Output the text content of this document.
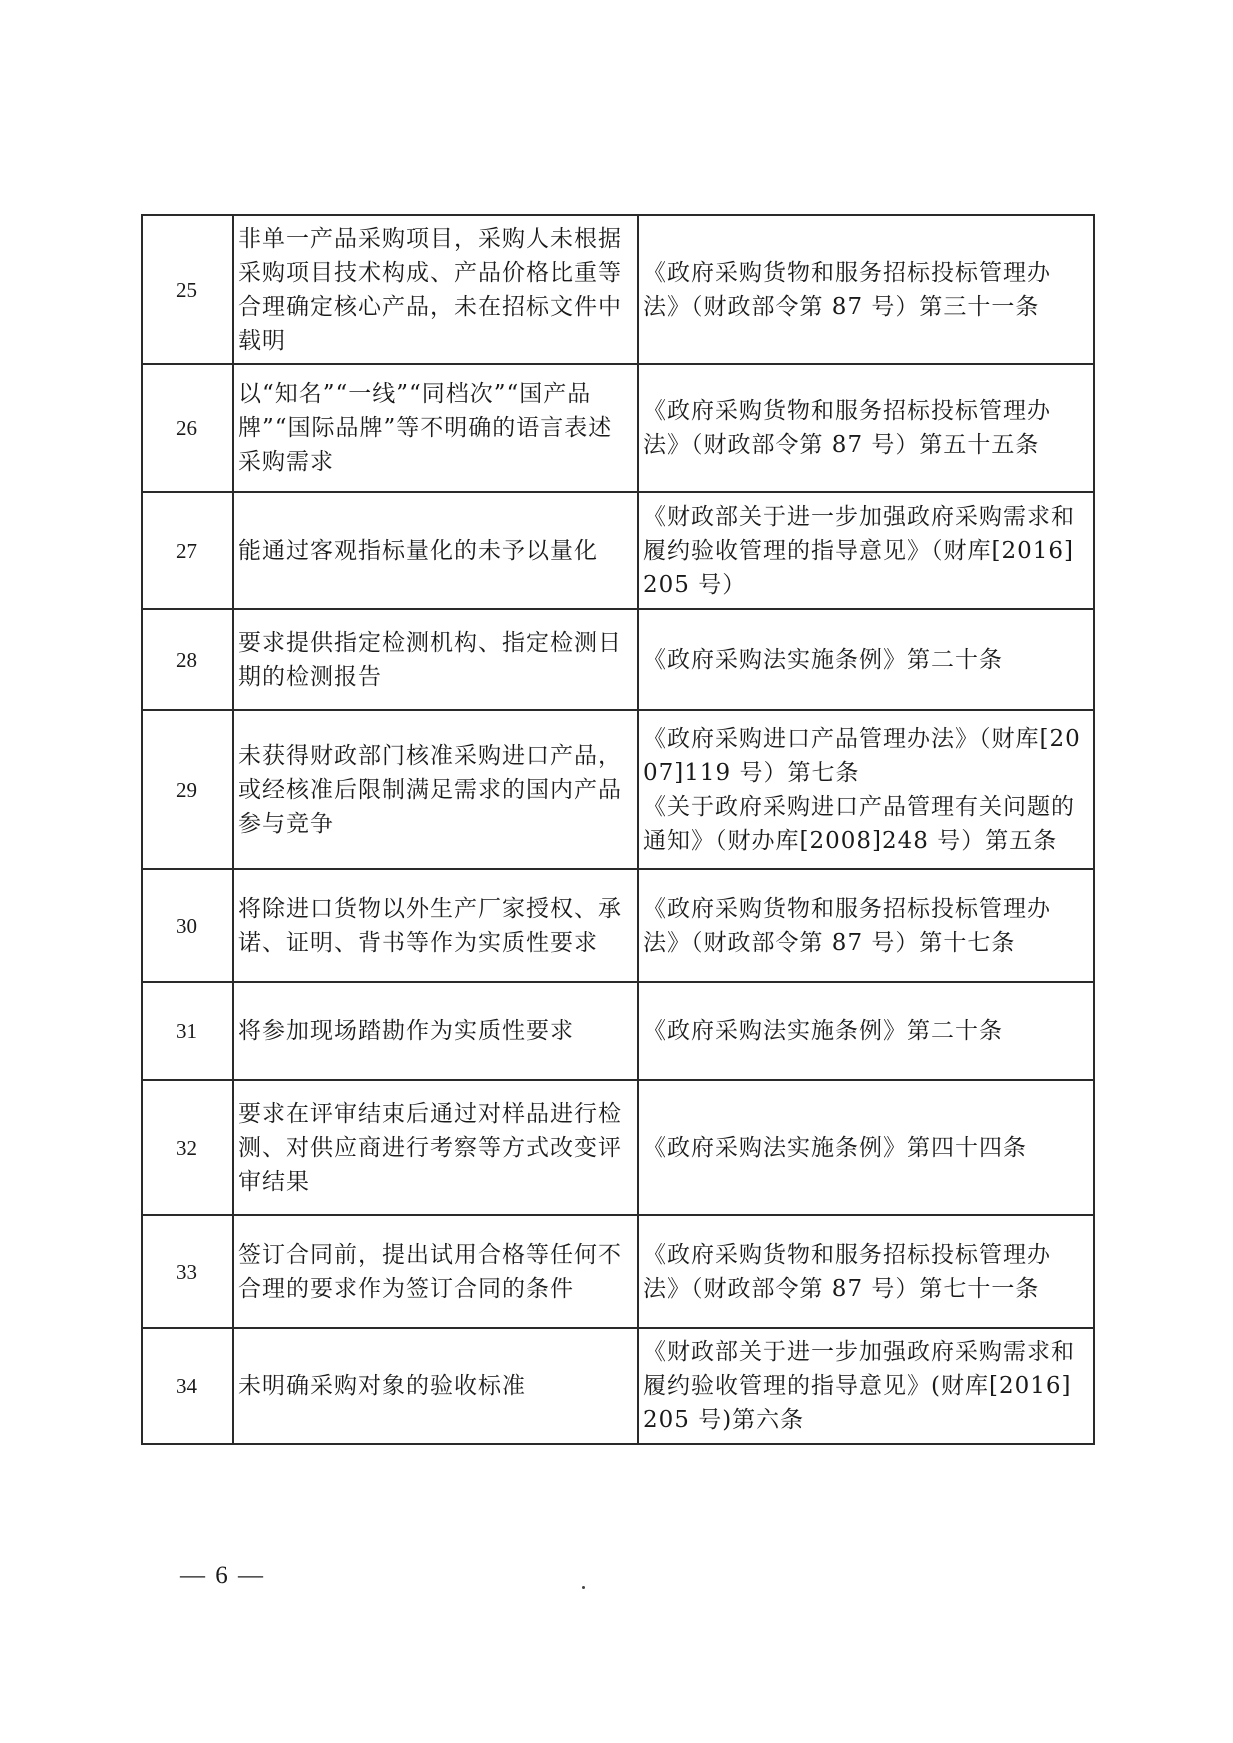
25	非单一产品采购项目，采购人未根据采购项目技术构成、产品价格比重等合理确定核心产品，未在招标文件中载明	《政府采购货物和服务招标投标管理办法》（财政部令第 87 号）第三十一条

26	以“知名”“一线”“同档次”“国产品牌”“国际品牌”等不明确的语言表述采购需求	《政府采购货物和服务招标投标管理办法》（财政部令第 87 号）第五十五条

27	能通过客观指标量化的未予以量化	《财政部关于进一步加强政府采购需求和履约验收管理的指导意见》（财库[2016]205 号）

28	要求提供指定检测机构、指定检测日期的检测报告	《政府采购法实施条例》第二十条

29	未获得财政部门核准采购进口产品，或经核准后限制满足需求的国内产品参与竞争	《政府采购进口产品管理办法》（财库[2007]119 号）第七条
《关于政府采购进口产品管理有关问题的通知》（财办库[2008]248 号）第五条

30	将除进口货物以外生产厂家授权、承诺、证明、背书等作为实质性要求	《政府采购货物和服务招标投标管理办法》（财政部令第 87 号）第十七条

31	将参加现场踏勘作为实质性要求	《政府采购法实施条例》第二十条

32	要求在评审结束后通过对样品进行检测、对供应商进行考察等方式改变评审结果	《政府采购法实施条例》第四十四条

33	签订合同前，提出试用合格等任何不合理的要求作为签订合同的条件	《政府采购货物和服务招标投标管理办法》（财政部令第 87 号）第七十一条

34	未明确采购对象的验收标准	《财政部关于进一步加强政府采购需求和履约验收管理的指导意见》(财库[2016]205 号)第六条
— 6 —
